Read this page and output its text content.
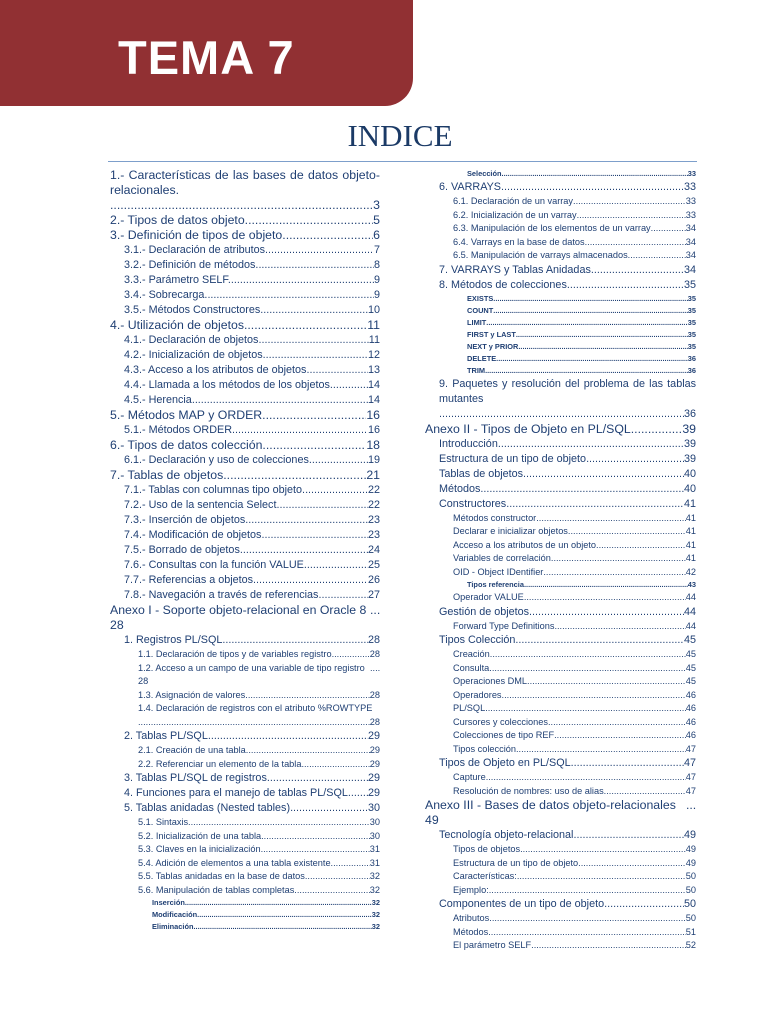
TEMA 7
INDICE
1.- Características de las bases de datos objeto-relacionales.
.....
3
2.- Tipos de datos objeto. .....	5
3.- Definición de tipos de objeto. .....	6
3.1.- Declaración de atributos. .....	7
3.2.- Definición de métodos. .....	8
3.3.- Parámetro SELF. .....	9
3.4.- Sobrecarga. .....	9
3.5.- Métodos Constructores. .....	10
4.- Utilización de objetos. .....	11
4.1.- Declaración de objetos. .....	11
4.2.- Inicialización de objetos. .....	12
4.3.- Acceso a los atributos de objetos. .....	13
4.4.- Llamada a los métodos de los objetos. .....	14
4.5.- Herencia. .....	14
5.- Métodos MAP y ORDER. .....	16
5.1.- Métodos ORDER. .....	16
6.- Tipos de datos colección. .....	18
6.1.- Declaración y uso de colecciones. .....	19
7.- Tablas de objetos. .....	21
7.1.- Tablas con columnas tipo objeto. .....	22
7.2.- Uso de la sentencia Select. .....	22
7.3.- Inserción de objetos. .....	23
7.4.- Modificación de objetos. .....	23
7.5.- Borrado de objetos. .....	24
7.6.- Consultas con la función VALUE. .....	25
7.7.- Referencias a objetos. .....	26
7.8.- Navegación a través de referencias. .....	27
Anexo I - Soporte objeto-relacional en Oracle 8
.....
28
1. Registros PL/SQL .....	28
1.1. Declaración de tipos y de variables registro .....	28
1.2. Acceso a un campo de una variable de tipo registro
.....
28
1.3. Asignación de valores. .....	28
1.4. Declaración de registros con el atributo %ROWTYPE
.....
28
2. Tablas PL/SQL .....	29
2.1. Creación de una tabla .....	29
2.2. Referenciar un elemento de la tabla .....	29
3. Tablas PL/SQL de registros .....	29
4. Funciones para el manejo de tablas PL/SQL ..... 29
5. Tablas anidadas (Nested tables) .....	30
5.1. Sintaxis .....	30
5.2. Inicialización de una tabla .....	30
5.3. Claves en la inicialización .....	31
5.4. Adición de elementos a una tabla existente. .....	31
5.5. Tablas anidadas en la base de datos .....	32
5.6. Manipulación de tablas completas .....	32
Inserción .....	32
Modificación .....	32
Eliminación .....	32
Selección .....	33
6. VARRAYS .....	33
6.1. Declaración de un varray .....	33
6.2. Inicialización de un varray .....	33
6.3. Manipulación de los elementos de un varray .....	34
6.4. Varrays en la base de datos .....	34
6.5. Manipulación de varrays almacenados .....	34
7. VARRAYS y Tablas Anidadas .....	34
8. Métodos de colecciones .....	35
EXISTS .....	35
COUNT .....	35
LIMIT .....	35
FIRST y LAST .....	35
NEXT y PRIOR .....	35
DELETE .....	36
TRIM .....	36
9. Paquetes y resolución del problema de las tablas mutantes
.....
36
Anexo II - Tipos de Objeto en PL/SQL .....	39
Introducción .....	39
Estructura de un tipo de objeto .....	39
Tablas de objetos .....	40
Métodos .....	40
Constructores .....	41
Métodos constructor .....	41
Declarar e inicializar objetos .....	41
Acceso a los atributos de un objeto .....	41
Variables de correlación .....	41
OID - Object IDentifier .....	42
Tipos referencia .....	43
Operador VALUE .....	44
Gestión de objetos .....	44
Forward Type Definitions .....	44
Tipos Colección .....	45
Creación .....	45
Consulta .....	45
Operaciones DML .....	45
Operadores .....	46
PL/SQL .....	46
Cursores y colecciones .....	46
Colecciones de tipo REF .....	46
Tipos colección .....	47
Tipos de Objeto en PL/SQL .....	47
Capture .....	47
Resolución de nombres: uso de alias .....	47
Anexo III - Bases de datos objeto-relacionales
.....
49
Tecnología objeto-relacional .....	49
Tipos de objetos .....	49
Estructura de un tipo de objeto .....	49
Características: .....	50
Ejemplo: .....	50
Componentes de un tipo de objeto .....	50
Atributos .....	50
Métodos .....	51
El parámetro SELF .....	52
